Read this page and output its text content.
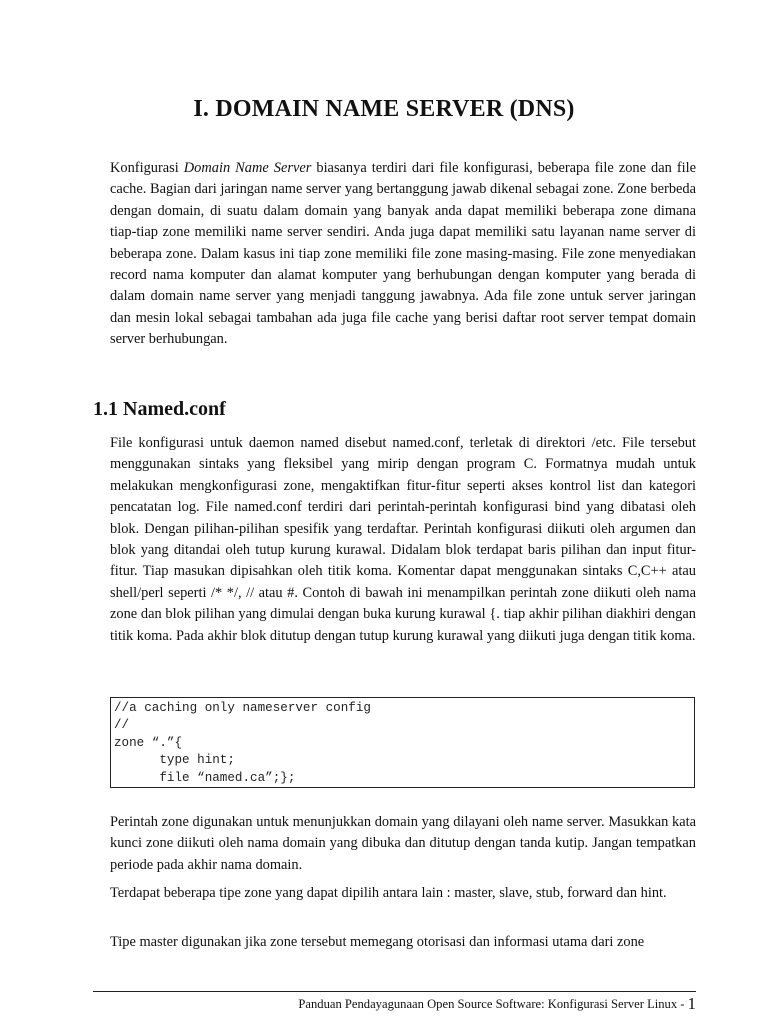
I. DOMAIN NAME SERVER (DNS)

Konfigurasi Domain Name Server biasanya terdiri dari file konfigurasi, beberapa file zone dan file cache. Bagian dari jaringan name server yang bertanggung jawab dikenal sebagai zone. Zone berbeda dengan domain, di suatu dalam domain yang banyak anda dapat memiliki beberapa zone dimana tiap-tiap zone memiliki name server sendiri. Anda juga dapat memiliki satu layanan name server di beberapa zone. Dalam kasus ini tiap zone memiliki file zone masing-masing. File zone menyediakan record nama komputer dan alamat komputer yang berhubungan dengan komputer yang berada di dalam domain name server yang menjadi tanggung jawabnya. Ada file zone untuk server jaringan dan mesin lokal sebagai tambahan ada juga file cache yang berisi daftar root server tempat domain server berhubungan.

1.1 Named.conf

File konfigurasi untuk daemon named disebut named.conf, terletak di direktori /etc. File tersebut menggunakan sintaks yang fleksibel yang mirip dengan program C. Formatnya mudah untuk melakukan mengkonfigurasi zone, mengaktifkan fitur-fitur seperti akses kontrol list dan kategori pencatatan log. File named.conf terdiri dari perintah-perintah konfigurasi bind yang dibatasi oleh blok. Dengan pilihan-pilihan spesifik yang terdaftar. Perintah konfigurasi diikuti oleh argumen dan blok yang ditandai oleh tutup kurung kurawal. Didalam blok terdapat baris pilihan dan input fitur-fitur. Tiap masukan dipisahkan oleh titik koma. Komentar dapat menggunakan sintaks C,C++ atau shell/perl seperti /* */, // atau #. Contoh di bawah ini menampilkan perintah zone diikuti oleh nama zone dan blok pilihan yang dimulai dengan buka kurung kurawal {. tiap akhir pilihan diakhiri dengan titik koma. Pada akhir blok ditutup dengan tutup kurung kurawal yang diikuti juga dengan titik koma.

//a caching only nameserver config
//
zone “.”{
type hint;
file “named.ca”;};

Perintah zone digunakan untuk menunjukkan domain yang dilayani oleh name server. Masukkan kata kunci zone diikuti oleh nama domain yang dibuka dan ditutup dengan tanda kutip. Jangan tempatkan periode pada akhir nama domain.

Terdapat beberapa tipe zone yang dapat dipilih antara lain : master, slave, stub, forward dan hint.

Tipe master digunakan jika zone tersebut memegang otorisasi dan informasi utama dari zone

Panduan Pendayagunaan Open Source Software: Konfigurasi Server Linux - 1
